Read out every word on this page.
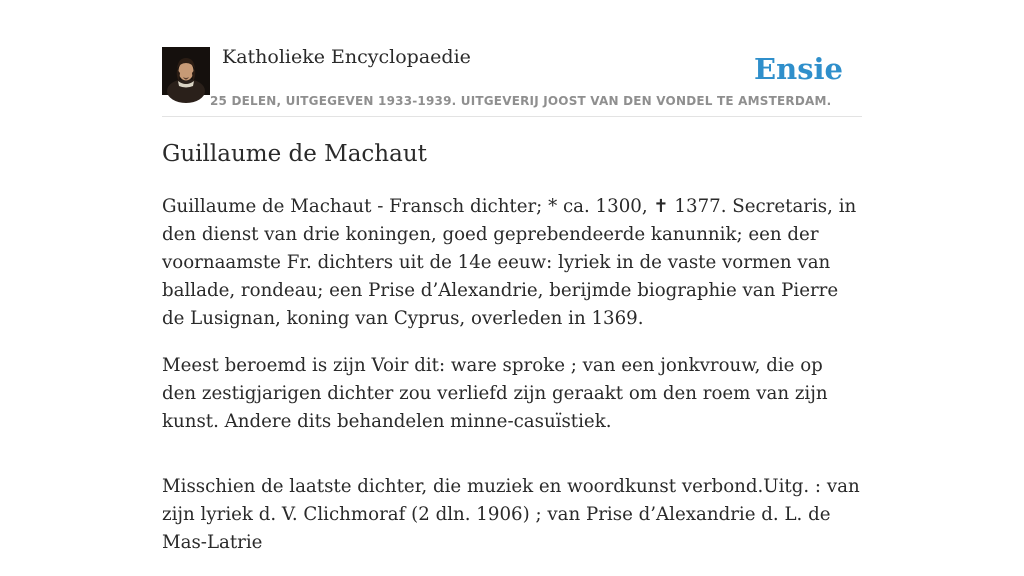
Katholieke Encyclopaedie
25 DELEN, UITGEGEVEN 1933-1939. UITGEVERIJ JOOST VAN DEN VONDEL TE AMSTERDAM.
Ensie
Guillaume de Machaut

Guillaume de Machaut - Fransch dichter; * ca. 1300, ✝ 1377. Secretaris, in den dienst van drie koningen, goed geprebendeerde kanunnik; een der voornaamste Fr. dichters uit de 14e eeuw: lyriek in de vaste vormen van ballade, rondeau; een Prise d’Alexandrie, berijmde biographie van Pierre de Lusignan, koning van Cyprus, overleden in 1369.

Meest beroemd is zijn Voir dit: ware sproke ; van een jonkvrouw, die op den zestigjarigen dichter zou verliefd zijn geraakt om den roem van zijn kunst. Andere dits behandelen minne-casuïstiek.

Misschien de laatste dichter, die muziek en woordkunst verbond.Uitg. : van zijn lyriek d. V. Clichmoraf (2 dln. 1906) ; van Prise d’Alexandrie d. L. de Mas-Latrie
